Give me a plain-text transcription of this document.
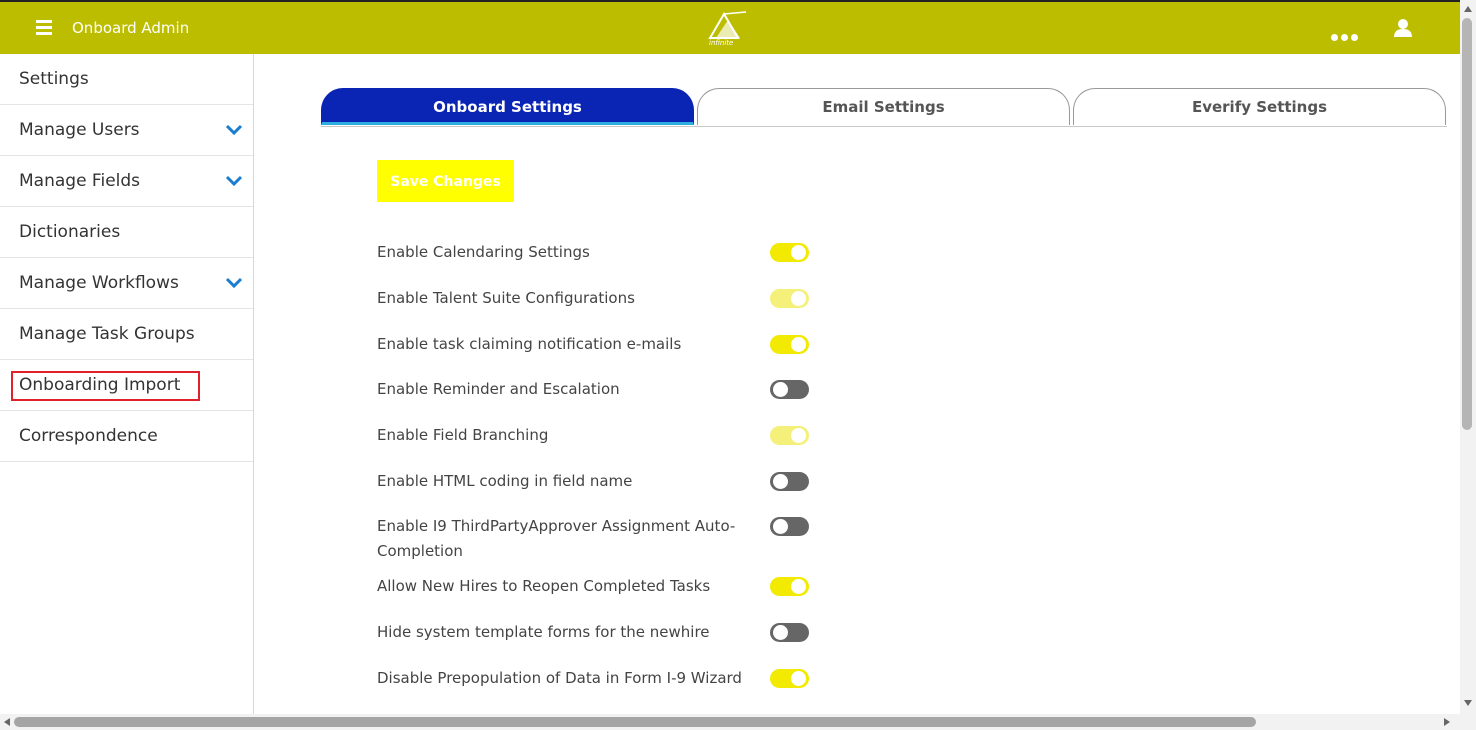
Onboard Admin
infinite
Settings
Manage Users
Manage Fields
Dictionaries
Manage Workflows
Manage Task Groups
Onboarding Import
Correspondence
Onboard Settings	Email Settings	Everify Settings
Save Changes
Enable Calendaring Settings
Enable Talent Suite Configurations
Enable task claiming notification e-mails
Enable Reminder and Escalation
Enable Field Branching
Enable HTML coding in field name
Enable I9 ThirdPartyApprover Assignment Auto-Completion
Allow New Hires to Reopen Completed Tasks
Hide system template forms for the newhire
Disable Prepopulation of Data in Form I-9 Wizard
